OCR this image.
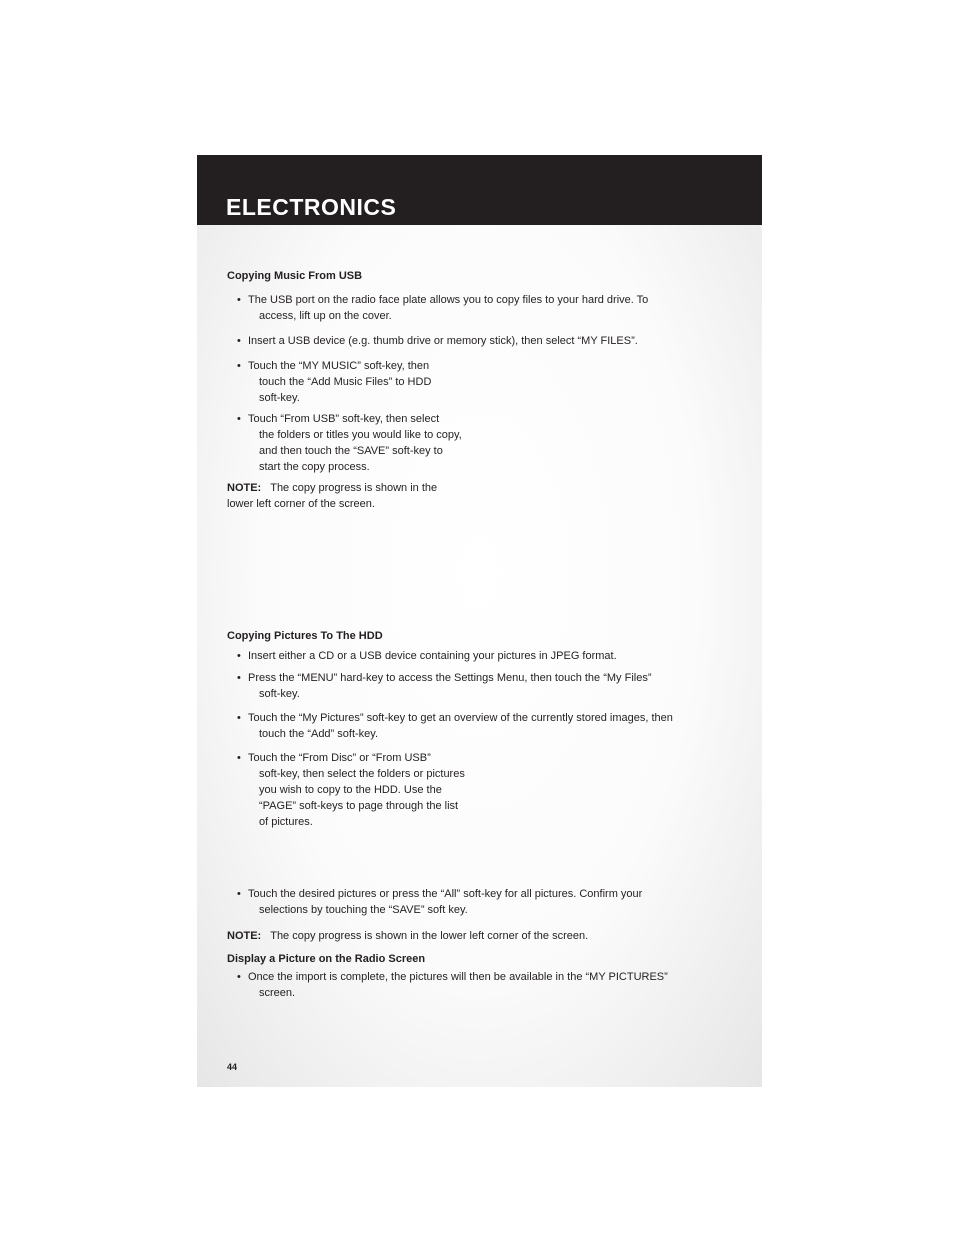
ELECTRONICS
Copying Music From USB
• The USB port on the radio face plate allows you to copy files to your hard drive. To
access, lift up on the cover.
• Insert a USB device (e.g. thumb drive or memory stick), then select “MY FILES”.
• Touch the “MY MUSIC” soft-key, then
touch the “Add Music Files” to HDD
soft-key.
• Touch “From USB” soft-key, then select
the folders or titles you would like to copy,
and then touch the “SAVE” soft-key to
start the copy process.
NOTE: The copy progress is shown in the
lower left corner of the screen.
Copying Pictures To The HDD
• Insert either a CD or a USB device containing your pictures in JPEG format.
• Press the “MENU” hard-key to access the Settings Menu, then touch the “My Files”
soft-key.
• Touch the “My Pictures” soft-key to get an overview of the currently stored images, then
touch the “Add” soft-key.
• Touch the “From Disc” or “From USB”
soft-key, then select the folders or pictures
you wish to copy to the HDD. Use the
“PAGE” soft-keys to page through the list
of pictures.
• Touch the desired pictures or press the “All” soft-key for all pictures. Confirm your
selections by touching the “SAVE” soft key.
NOTE: The copy progress is shown in the lower left corner of the screen.
Display a Picture on the Radio Screen
• Once the import is complete, the pictures will then be available in the “MY PICTURES”
screen.
44
